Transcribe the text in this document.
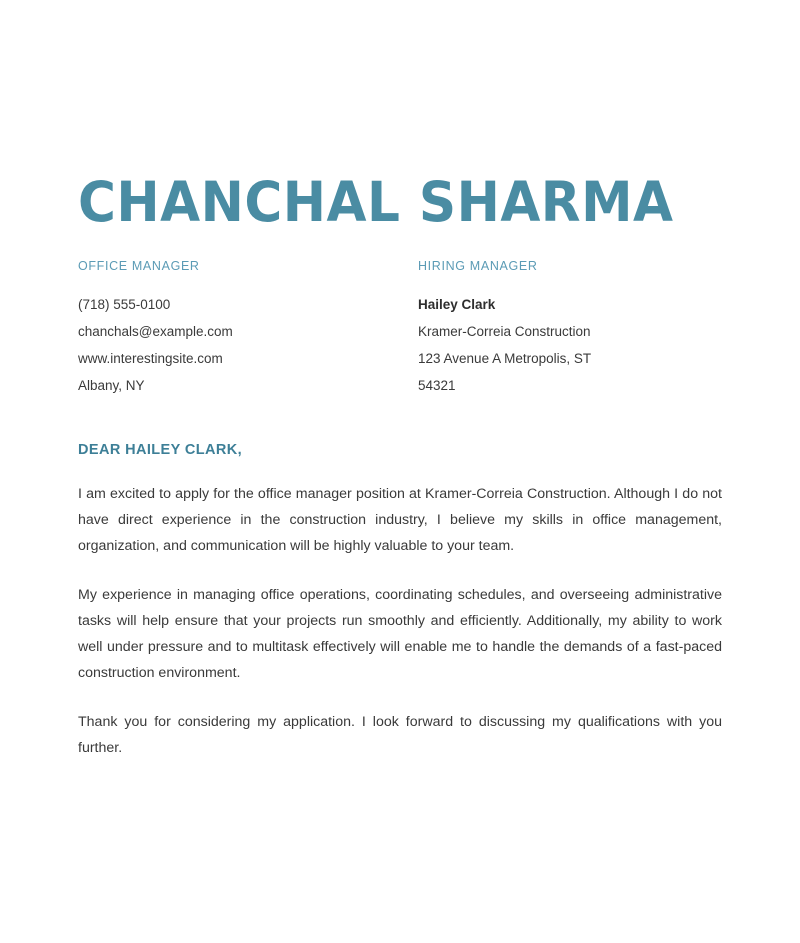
CHANCHAL SHARMA
OFFICE MANAGER
(718) 555-0100
chanchals@example.com
www.interestingsite.com
Albany, NY
HIRING MANAGER
Hailey Clark
Kramer-Correia Construction
123 Avenue A Metropolis, ST
54321
DEAR HAILEY CLARK,

I am excited to apply for the office manager position at Kramer-Correia Construction. Although I do not have direct experience in the construction industry, I believe my skills in office management, organization, and communication will be highly valuable to your team.

My experience in managing office operations, coordinating schedules, and overseeing administrative tasks will help ensure that your projects run smoothly and efficiently. Additionally, my ability to work well under pressure and to multitask effectively will enable me to handle the demands of a fast-paced construction environment.

Thank you for considering my application. I look forward to discussing my qualifications with you further.
